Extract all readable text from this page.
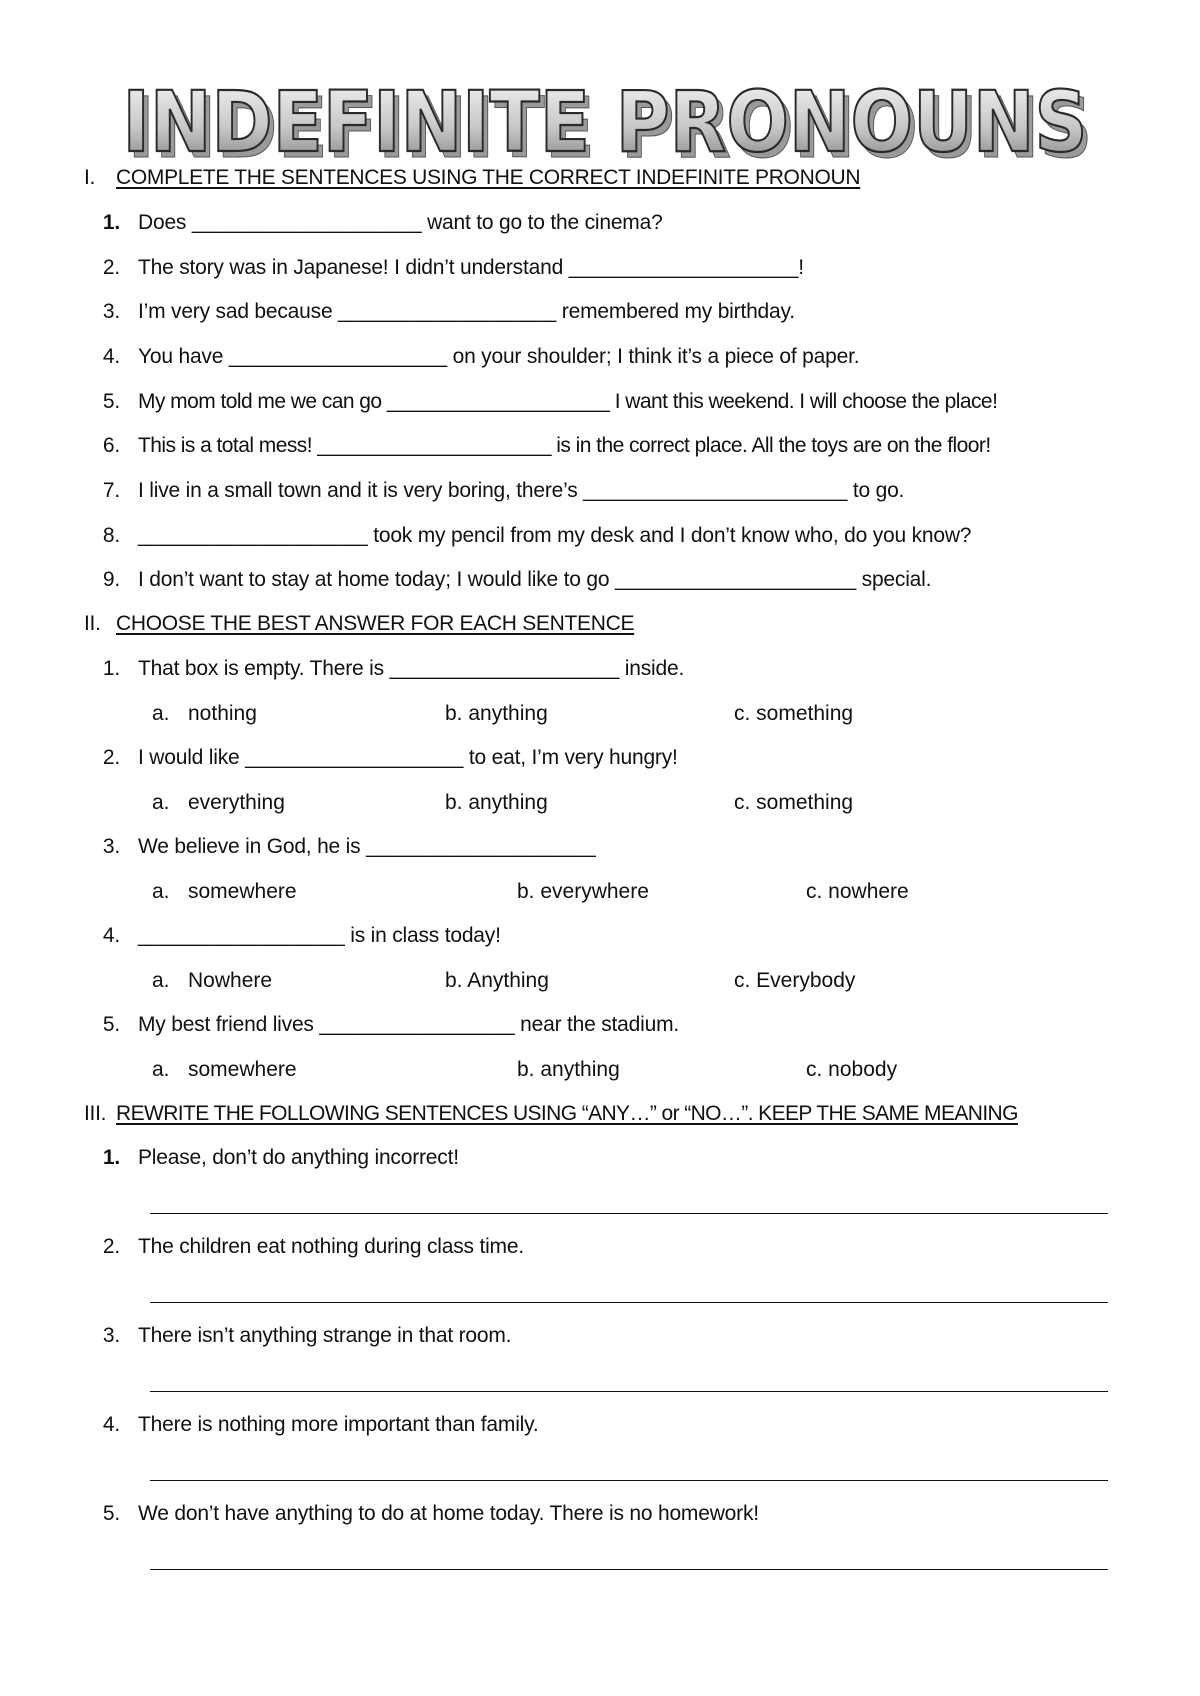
INDEFINITE PRONOUNS
INDEFINITE PRONOUNS
I. COMPLETE THE SENTENCES USING THE CORRECT INDEFINITE PRONOUN
1. Does ____________________ want to go to the cinema?
2. The story was in Japanese! I didn’t understand ____________________!
3. I’m very sad because ___________________ remembered my birthday.
4. You have ___________________ on your shoulder; I think it’s a piece of paper.
5. My mom told me we can go ____________________ I want this weekend. I will choose the place!
6. This is a total mess! _____________________ is in the correct place. All the toys are on the floor!
7. I live in a small town and it is very boring, there’s _______________________ to go.
8. ____________________ took my pencil from my desk and I don’t know who, do you know?
9. I don’t want to stay at home today; I would like to go _____________________ special.
II. CHOOSE THE BEST ANSWER FOR EACH SENTENCE
1. That box is empty. There is ____________________ inside.
a. nothing	b. anything	c. something
2. I would like ___________________ to eat, I’m very hungry!
a. everything	b. anything	c. something
3. We believe in God, he is ____________________
a. somewhere	b. everywhere	c. nowhere
4. __________________ is in class today!
a. Nowhere	b. Anything	c. Everybody
5. My best friend lives _________________ near the stadium.
a. somewhere	b. anything	c. nobody
III. REWRITE THE FOLLOWING SENTENCES USING “ANY…” or “NO…”. KEEP THE SAME MEANING
1. Please, don’t do anything incorrect!
2. The children eat nothing during class time.
3. There isn’t anything strange in that room.
4. There is nothing more important than family.
5. We don’t have anything to do at home today. There is no homework!
